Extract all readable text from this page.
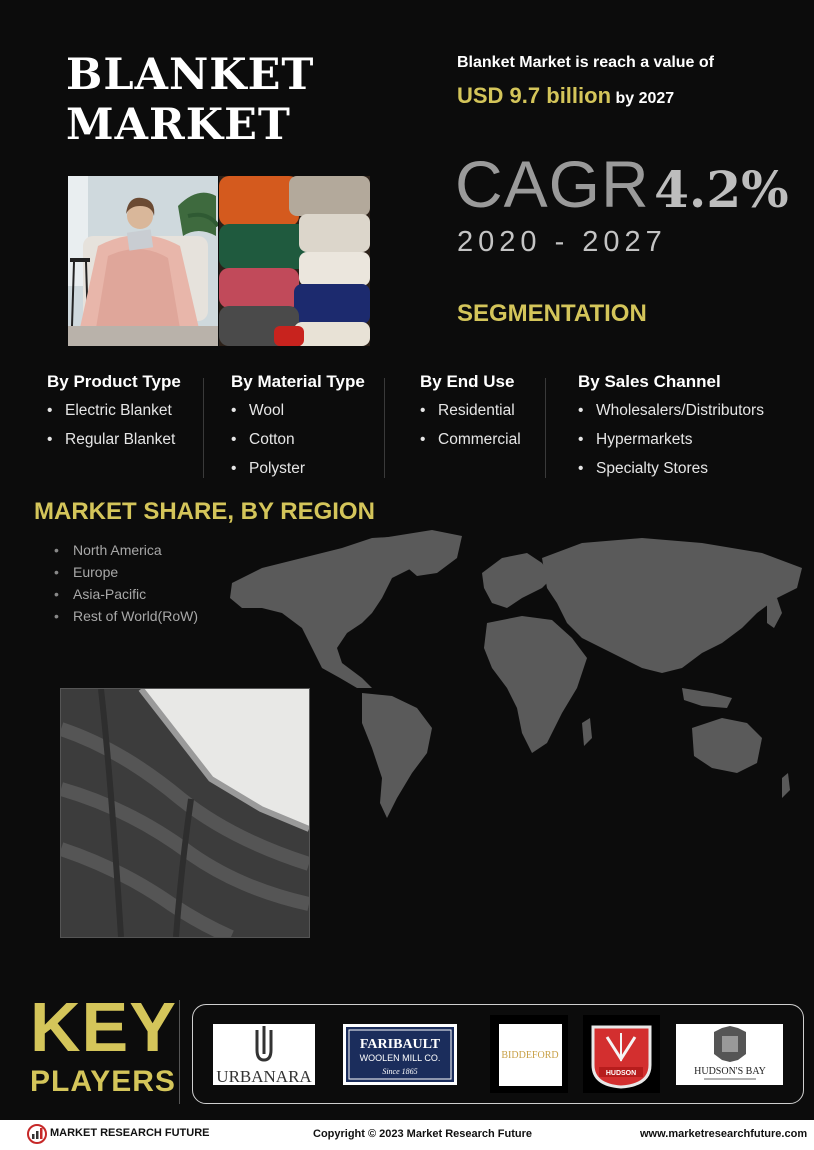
BLANKET
MARKET
Blanket Market is reach a value of
USD 9.7 billion by 2027
CAGR 4.2%
2020 - 2027
SEGMENTATION
By Product Type
• Electric Blanket
• Regular Blanket
By Material Type
• Wool
• Cotton
• Polyster
By End Use
• Residential
• Commercial
By Sales Channel
• Wholesalers/Distributors
• Hypermarkets
• Specialty Stores
MARKET SHARE, BY REGION
• North America
• Europe
• Asia-Pacific
• Rest of World(RoW)
KEY
PLAYERS URBANARA
FARIBAULT
WOOLEN MILL CO.
Since 1865
BIDDEFORD
HUDSON	HUDSON'S BAY
MARKET RESEARCH FUTURE	Copyright © 2023 Market Research Future	www.marketresearchfuture.com
